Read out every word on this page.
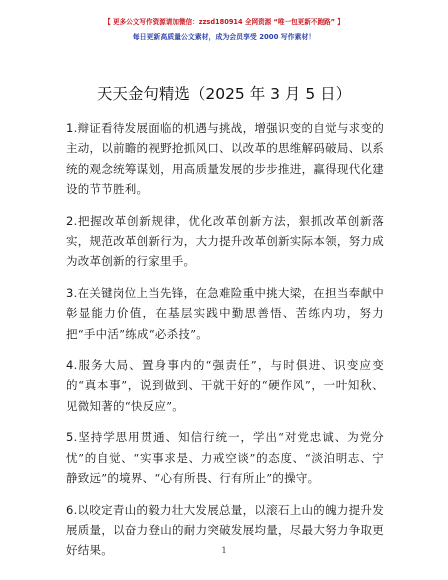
【 更多公文写作资源请加微信：zzsd180914 全网资源 “唯一包更新不跑路” 】
每日更新高质量公文素材，成为会员享受 2000 写作素材！
天天金句精选（2025 年 3 月 5 日）

1.辩证看待发展面临的机遇与挑战，增强识变的自觉与求变的主动，以前瞻的视野抢抓风口、以改革的思维解码破局、以系统的观念统筹谋划，用高质量发展的步步推进，赢得现代化建设的节节胜利。

2.把握改革创新规律，优化改革创新方法，狠抓改革创新落实，规范改革创新行为，大力提升改革创新实际本领，努力成为改革创新的行家里手。

3.在关键岗位上当先锋，在急难险重中挑大梁，在担当奉献中彰显能力价值，在基层实践中勤思善悟、苦练内功，努力把“手中活”练成“必杀技”。

4.服务大局、置身事内的“强责任”，与时俱进、识变应变的“真本事”，说到做到、干就干好的“硬作风”，一叶知秋、见微知著的“快反应”。

5.坚持学思用贯通、知信行统一，学出“对党忠诚、为党分忧”的自觉、“实事求是、力戒空谈”的态度、“淡泊明志、宁静致远”的境界、“心有所畏、行有所止”的操守。

6.以咬定青山的毅力壮大发展总量，以滚石上山的魄力提升发展质量，以奋力登山的耐力突破发展均量，尽最大努力争取更好结果。	1
